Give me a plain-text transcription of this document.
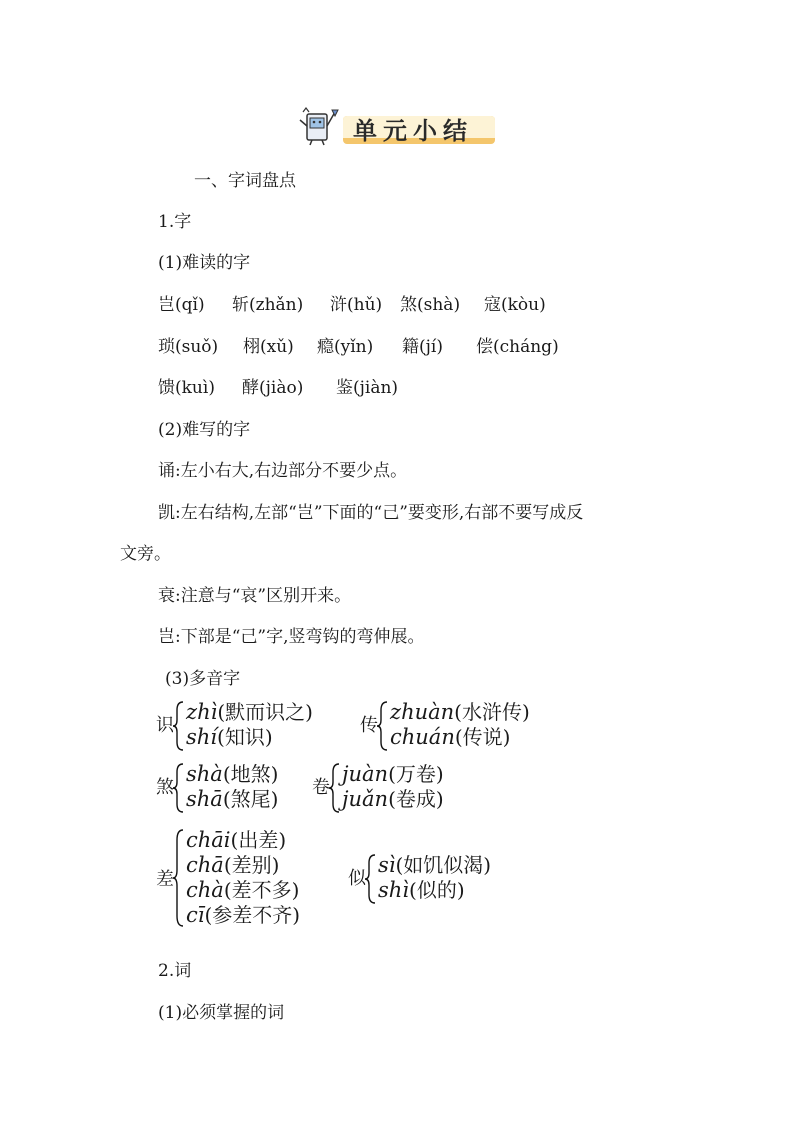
单元小结
一、字词盘点
1.字
(1)难读的字
岂(qǐ) 斩(zhǎn) 浒(hǔ) 煞(shà) 寇(kòu)
琐(suǒ) 栩(xǔ) 瘾(yǐn) 籍(jí) 偿(cháng)
馈(kuì) 酵(jiào) 鉴(jiàn)
(2)难写的字
诵:左小右大,右边部分不要少点。
凯:左右结构,左部“岂”下面的“己”要变形,右部不要写成反
文旁。
衰:注意与“哀”区别开来。
岂:下部是“己”字,竖弯钩的弯伸展。
(3)多音字
识
zhì(默而识之)
shí(知识)	传
zhuàn(水浒传)
chuán(传说)
煞
shà(地煞)
shā(煞尾) 卷
juàn(万卷)
juǎn(卷成)
差
chāi(出差)
chā(差别)
chà(差不多)
cī(参差不齐)
似
sì(如饥似渴)
shì(似的)
2.词
(1)必须掌握的词
